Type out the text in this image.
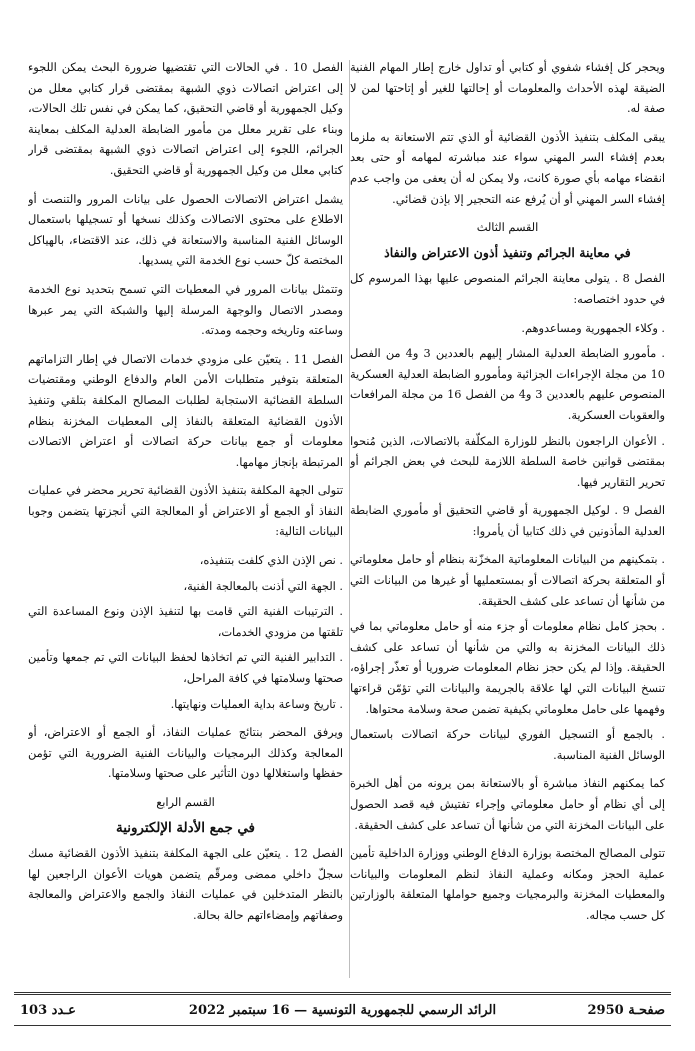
ويحجر كل إفشاء شفوي أو كتابي أو تداول خارج إطار المهام الفنية الضيقة لهذه الأحداث والمعلومات أو إحالتها للغير أو إتاحتها لمن لا صفة له.

يبقى المكلف بتنفيذ الأذون القضائية أو الذي تتم الاستعانة به ملزما بعدم إفشاء السر المهني سواء عند مباشرته لمهامه أو حتى بعد انقضاء مهامه بأي صورة كانت، ولا يمكن له أن يعفى من واجب عدم إفشاء السر المهني أو أن يُرفع عنه التحجير إلا بإذن قضائي.

القسم الثالث
في معاينة الجرائم وتنفيذ أذون الاعتراض والنفاذ

الفصل 8 . يتولى معاينة الجرائم المنصوص عليها بهذا المرسوم كل في حدود اختصاصه:

. وكلاء الجمهورية ومساعدوهم.

. مأمورو الضابطة العدلية المشار إليهم بالعددين 3 و4 من الفصل 10 من مجلة الإجراءات الجزائية ومأمورو الضابطة العدلية العسكرية المنصوص عليهم بالعددين 3 و4 من الفصل 16 من مجلة المرافعات والعقوبات العسكرية.

. الأعوان الراجعون بالنظر للوزارة المكلّفة بالاتصالات، الذين مُنحوا بمقتضى قوانين خاصة السلطة اللازمة للبحث في بعض الجرائم أو تحرير التقارير فيها.

الفصل 9 . لوكيل الجمهورية أو قاضي التحقيق أو مأموري الضابطة العدلية المأذونين في ذلك كتابيا أن يأمروا:

. بتمكينهم من البيانات المعلوماتية المخزّنة بنظام أو حامل معلوماتي أو المتعلقة بحركة اتصالات أو بمستعمليها أو غيرها من البيانات التي من شأنها أن تساعد على كشف الحقيقة.

. بحجز كامل نظام معلومات أو جزء منه أو حامل معلوماتي بما في ذلك البيانات المخزنة به والتي من شأنها أن تساعد على كشف الحقيقة. وإذا لم يكن حجز نظام المعلومات ضروريا أو تعذّر إجراؤه، تنسخ البيانات التي لها علاقة بالجريمة والبيانات التي تؤمّن قراءتها وفهمها على حامل معلوماتي بكيفية تضمن صحة وسلامة محتواها.

. بالجمع أو التسجيل الفوري لبيانات حركة اتصالات باستعمال الوسائل الفنية المناسبة.

كما يمكنهم النفاذ مباشرة أو بالاستعانة بمن يرونه من أهل الخبرة إلى أي نظام أو حامل معلوماتي وإجراء تفتيش فيه قصد الحصول على البيانات المخزنة التي من شأنها أن تساعد على كشف الحقيقة.

تتولى المصالح المختصة بوزارة الدفاع الوطني ووزارة الداخلية تأمين عملية الحجز ومكانه وعملية النفاذ لنظم المعلومات والبيانات والمعطيات المخزنة والبرمجيات وجميع حواملها المتعلقة بالوزارتين كل حسب مجاله.

الفصل 10 . في الحالات التي تقتضيها ضرورة البحث يمكن اللجوء إلى اعتراض اتصالات ذوي الشبهة بمقتضى قرار كتابي معلل من وكيل الجمهورية أو قاضي التحقيق، كما يمكن في نفس تلك الحالات، وبناء على تقرير معلل من مأمور الضابطة العدلية المكلف بمعاينة الجرائم، اللجوء إلى اعتراض اتصالات ذوي الشبهة بمقتضى قرار كتابي معلل من وكيل الجمهورية أو قاضي التحقيق.

يشمل اعتراض الاتصالات الحصول على بيانات المرور والتنصت أو الاطلاع على محتوى الاتصالات وكذلك نسخها أو تسجيلها باستعمال الوسائل الفنية المناسبة والاستعانة في ذلك، عند الاقتضاء، بالهياكل المختصة كلّ حسب نوع الخدمة التي يسديها.

وتتمثل بيانات المرور في المعطيات التي تسمح بتحديد نوع الخدمة ومصدر الاتصال والوجهة المرسلة إليها والشبكة التي يمر عبرها وساعته وتاريخه وحجمه ومدته.

الفصل 11 . يتعيّن على مزودي خدمات الاتصال في إطار التزاماتهم المتعلقة بتوفير متطلبات الأمن العام والدفاع الوطني ومقتضيات السلطة القضائية الاستجابة لطلبات المصالح المكلفة بتلقي وتنفيذ الأذون القضائية المتعلقة بالنفاذ إلى المعطيات المخزنة بنظام معلومات أو جمع بيانات حركة اتصالات أو اعتراض الاتصالات المرتبطة بإنجاز مهامها.

تتولى الجهة المكلفة بتنفيذ الأذون القضائية تحرير محضر في عمليات النفاذ أو الجمع أو الاعتراض أو المعالجة التي أنجزتها يتضمن وجوبا البيانات التالية:

. نص الإذن الذي كلفت بتنفيذه،

. الجهة التي أذنت بالمعالجة الفنية،

. الترتيبات الفنية التي قامت بها لتنفيذ الإذن ونوع المساعدة التي تلقتها من مزودي الخدمات،

. التدابير الفنية التي تم اتخاذها لحفظ البيانات التي تم جمعها وتأمين صحتها وسلامتها في كافة المراحل،

. تاريخ وساعة بداية العمليات ونهايتها.

ويرفق المحضر بنتائج عمليات النفاذ، أو الجمع أو الاعتراض، أو المعالجة وكذلك البرمجيات والبيانات الفنية الضرورية التي تؤمن حفظها واستغلالها دون التأثير على صحتها وسلامتها.

القسم الرابع
في جمع الأدلة الإلكترونية

الفصل 12 . يتعيّن على الجهة المكلفة بتنفيذ الأذون القضائية مسك سجلّ داخلي ممضى ومرقّم يتضمن هويات الأعوان الراجعين لها بالنظر المتدخلين في عمليات النفاذ والجمع والاعتراض والمعالجة وصفاتهم وإمضاءاتهم حالة بحالة.

صفحـة 2950
الرائد الرسمي للجمهورية التونسية — 16 سبتمبر 2022
عـدد 103
